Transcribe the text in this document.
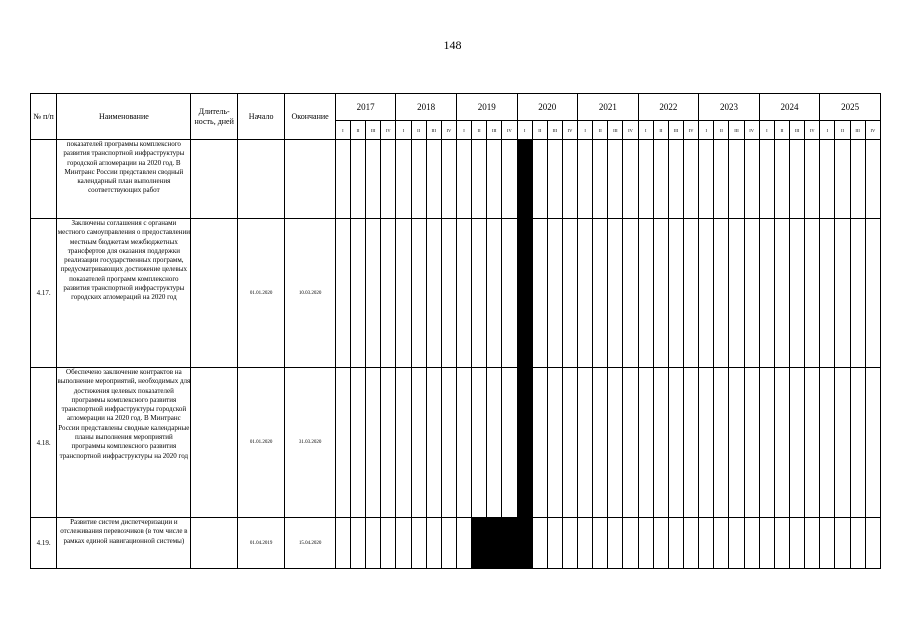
148
№ п/п	Наименование	Длитель-ность, дней	Начало	Окончание	2017				2018				2019				2020				2021				2022				2023				2024				2025			
					I	II	III	IV	I	II	III	IV	I	II	III	IV	I	II	III	IV	I	II	III	IV	I	II	III	IV	I	II	III	IV	I	II	III	IV	I	II	III	IV
	показателей программы комплексного развития транспортной инфраструктуры городской агломерации на 2020 год. В Минтранс России представлен сводный календарный план выполнения соответствующих работ																																							
4.17.	Заключены соглашения с органами местного самоуправления о предоставлении местным бюджетам межбюджетных трансфертов для оказания поддержки реализации государственных программ, предусматривающих достижение целевых показателей программ комплексного развития транспортной инфраструктуры городских агломераций на 2020 год		01.01.2020	10.03.2020																																				
4.18.	Обеспечено заключение контрактов на выполнение мероприятий, необходимых для достижения целевых показателей программы комплексного развития транспортной инфраструктуры городской агломерации на 2020 год. В Минтранс России представлены сводные календарные планы выполнения мероприятий программы комплексного развития транспортной инфраструктуры на 2020 год		01.01.2020	31.03.2020																																				
4.19.	Развитие систем диспетчеризации и отслеживания перевозчиков (в том числе в рамках единой навигационной системы)		01.04.2019	15.04.2020																																				
